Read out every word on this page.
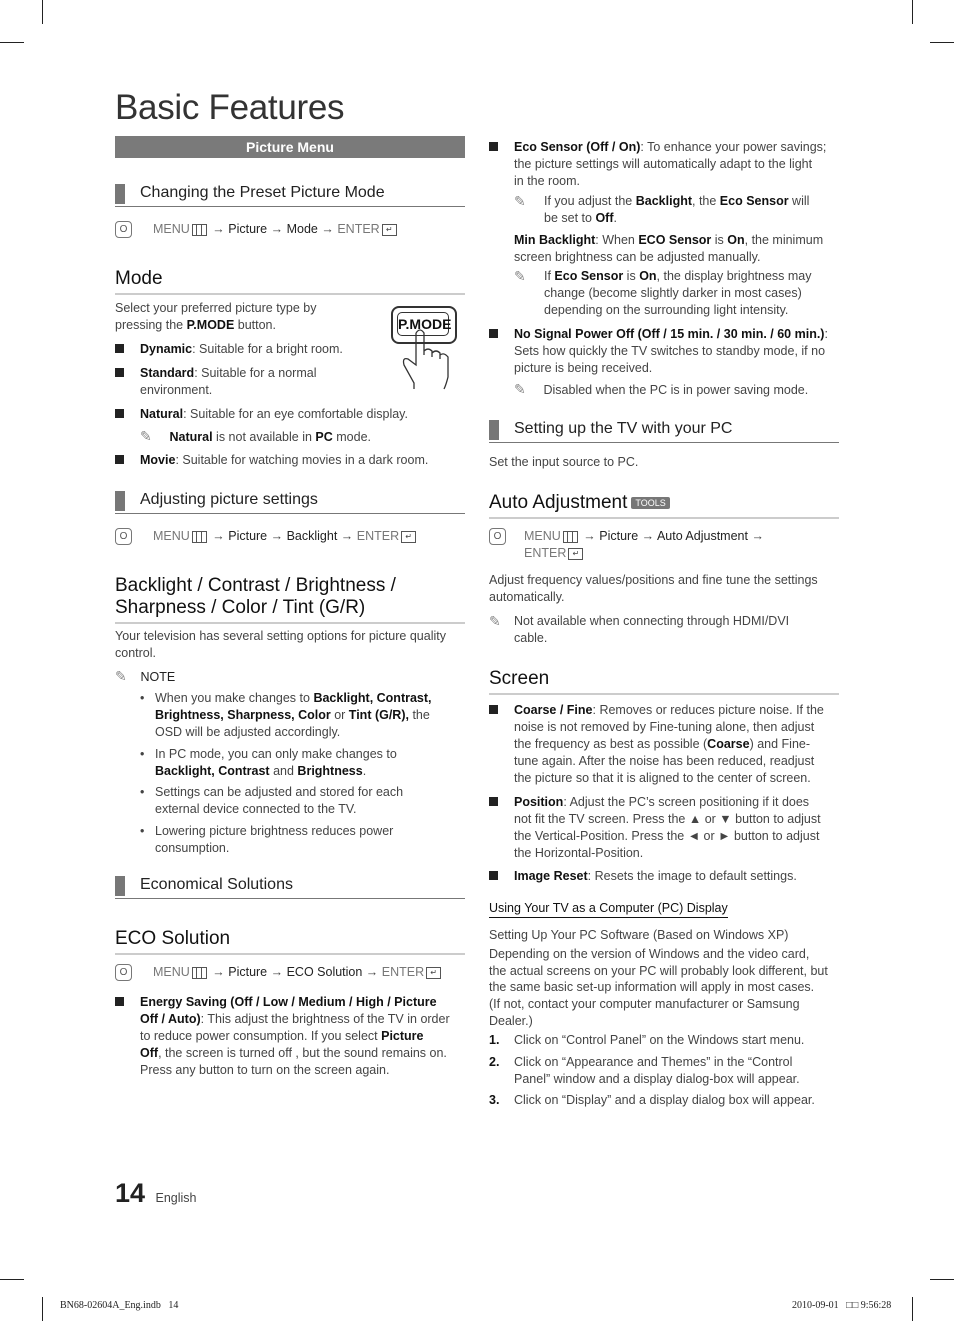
Basic Features
Picture Menu
Changing the Preset Picture Mode
O MENU → Picture → Mode → ENTER ↵
Mode
Select your preferred picture type by
pressing the P.MODE button.	P.MODE
Dynamic: Suitable for a bright room.
Standard: Suitable for a normal
environment.
Natural: Suitable for an eye comfortable display.
✎ Natural is not available in PC mode.
Movie: Suitable for watching movies in a dark room.
Adjusting picture settings
O MENU → Picture → Backlight → ENTER ↵
Backlight / Contrast / Brightness /
Sharpness / Color / Tint (G/R)
Your television has several setting options for picture quality
control.
✎ NOTE
• When you make changes to Backlight, Contrast,
Brightness, Sharpness, Color or Tint (G/R), the
OSD will be adjusted accordingly.
• In PC mode, you can only make changes to
Backlight, Contrast and Brightness.
• Settings can be adjusted and stored for each
external device connected to the TV.
• Lowering picture brightness reduces power
consumption.
Economical Solutions
ECO Solution
O MENU → Picture → ECO Solution → ENTER ↵
Energy Saving (Off / Low / Medium / High / Picture
Off / Auto): This adjust the brightness of the TV in order
to reduce power consumption. If you select Picture
Off, the screen is turned off , but the sound remains on.
Press any button to turn on the screen again.
Eco Sensor (Off / On): To enhance your power savings;
the picture settings will automatically adapt to the light
in the room.
✎	If you adjust the Backlight, the Eco Sensor will
be set to Off.
Min Backlight: When ECO Sensor is On, the minimum
screen brightness can be adjusted manually.
✎	If Eco Sensor is On, the display brightness may
change (become slightly darker in most cases)
depending on the surrounding light intensity.
No Signal Power Off (Off / 15 min. / 30 min. / 60 min.):
Sets how quickly the TV switches to standby mode, if no
picture is being received.
✎ Disabled when the PC is in power saving mode.
Setting up the TV with your PC
Set the input source to PC.
Auto Adjustment TOOLS
O	MENU → Picture → Auto Adjustment →
ENTER ↵
Adjust frequency values/positions and fine tune the settings
automatically.
✎	Not available when connecting through HDMI/DVI
cable.
Screen
Coarse / Fine: Removes or reduces picture noise. If the
noise is not removed by Fine-tuning alone, then adjust
the frequency as best as possible (Coarse) and Fine-
tune again. After the noise has been reduced, readjust
the picture so that it is aligned to the center of screen.
Position: Adjust the PC’s screen positioning if it does
not fit the TV screen. Press the ▲ or ▼ button to adjust
the Vertical-Position. Press the ◄ or ► button to adjust
the Horizontal-Position.
Image Reset: Resets the image to default settings.
Using Your TV as a Computer (PC) Display
Setting Up Your PC Software (Based on Windows XP)
Depending on the version of Windows and the video card,
the actual screens on your PC will probably look different, but
the same basic set-up information will apply in most cases.
(If not, contact your computer manufacturer or Samsung
Dealer.)
1.	Click on “Control Panel” on the Windows start menu.
2.	Click on “Appearance and Themes” in the “Control
Panel” window and a display dialog-box will appear.
3.	Click on “Display” and a display dialog box will appear.
14 English
BN68-02604A_Eng.indb   14	2010-09-01   □□ 9:56:28
